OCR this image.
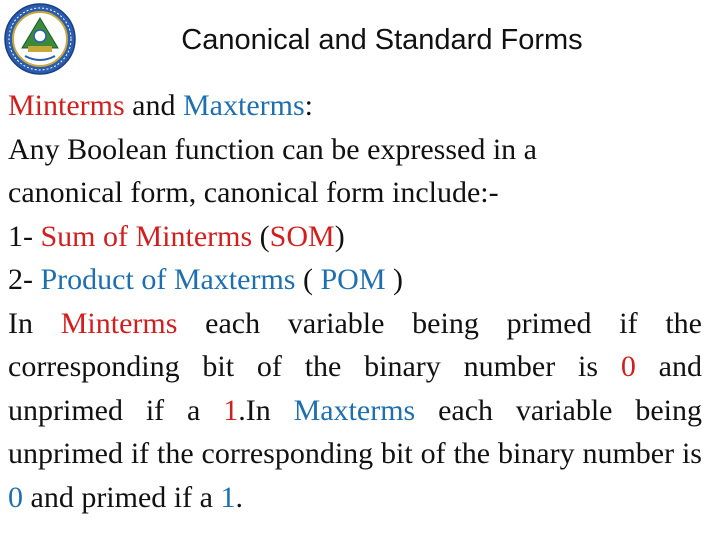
Canonical and Standard Forms

Minterms and Maxterms:

Any Boolean function can be expressed in a
canonical form, canonical form include:-

1- Sum of Minterms (SOM)

2- Product of Maxterms ( POM )

In Minterms each variable being primed if the corresponding bit of the binary number is 0 and unprimed if a 1.In Maxterms each variable being unprimed if the corresponding bit of the binary number is 0 and primed if a 1.
